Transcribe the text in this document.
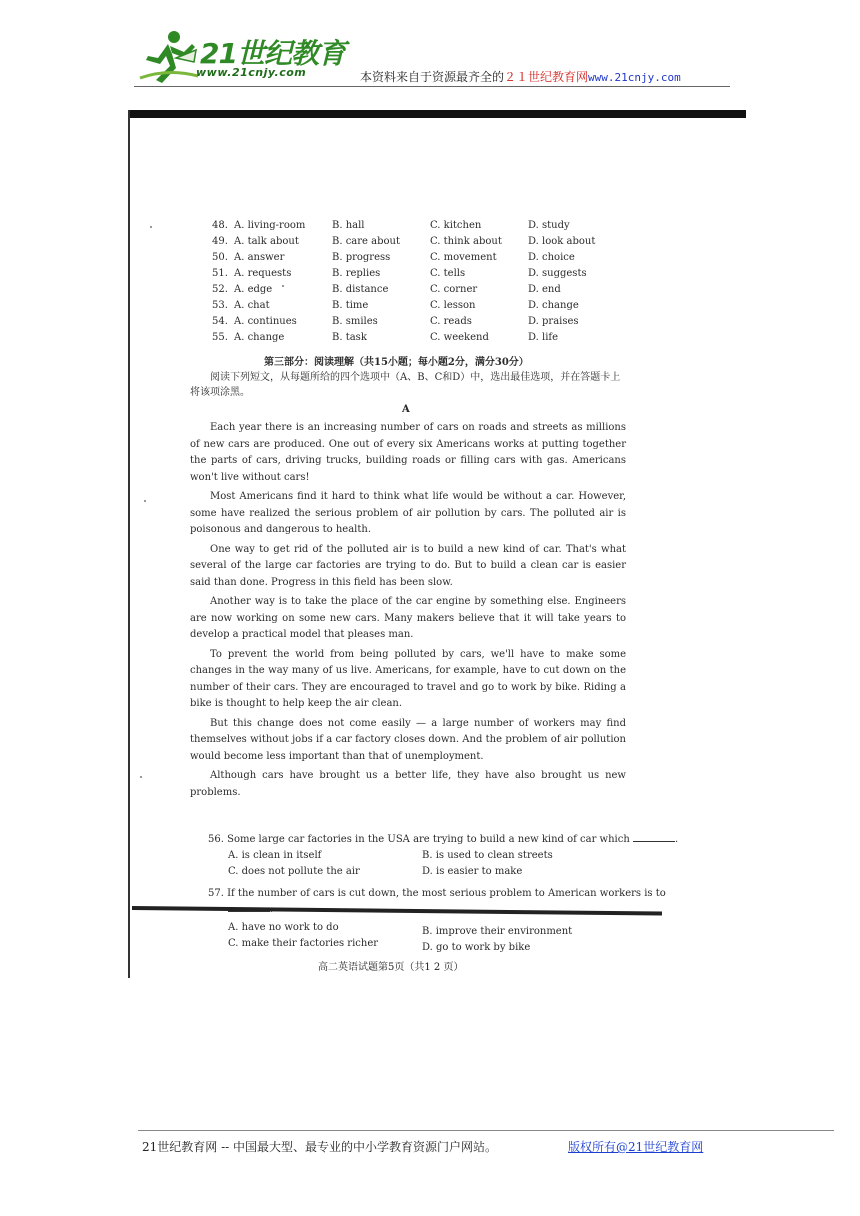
21世纪教育
www.21cnjy.com	本资料来自于资源最齐全的２１世纪教育网www.21cnjy.com
48. A. living-room	B. hall	C. kitchen	D. study
49. A. talk about	B. care about	C. think about	D. look about
50. A. answer	B. progress	C. movement	D. choice
51. A. requests	B. replies	C. tells	D. suggests
52. A. edge	B. distance	C. corner	D. end
53. A. chat	B. time	C. lesson	D. change
54. A. continues	B. smiles	C. reads	D. praises
55. A. change	B. task	C. weekend	D. life
第三部分：阅读理解（共15小题；每小题2分，满分30分）
阅读下列短文，从每题所给的四个选项中（A、B、C和D）中，选出最佳选项，并在答题卡上将该项涂黑。
A

Each year there is an increasing number of cars on roads and streets as millions of new cars are produced. One out of every six Americans works at putting together the parts of cars, driving trucks, building roads or filling cars with gas. Americans won't live without cars!

Most Americans find it hard to think what life would be without a car. However, some have realized the serious problem of air pollution by cars. The polluted air is poisonous and dangerous to health.

One way to get rid of the polluted air is to build a new kind of car. That's what several of the large car factories are trying to do. But to build a clean car is easier said than done. Progress in this field has been slow.

Another way is to take the place of the car engine by something else. Engineers are now working on some new cars. Many makers believe that it will take years to develop a practical model that pleases man.

To prevent the world from being polluted by cars, we'll have to make some changes in the way many of us live. Americans, for example, have to cut down on the number of their cars. They are encouraged to travel and go to work by bike. Riding a bike is thought to help keep the air clean.

But this change does not come easily — a large number of workers may find themselves without jobs if a car factory closes down. And the problem of air pollution would become less important than that of unemployment.

Although cars have brought us a better life, they have also brought us new problems.

56. Some large car factories in the USA are trying to build a new kind of car which	.
A. is clean in itself	B. is used to clean streets
C. does not pollute the air	D. is easier to make
57. If the number of cars is cut down, the most serious problem to American workers is to
.
A. have no work to do	B. improve their environment
C. make their factories richer	D. go to work by bike
高二英语试题第5页（共1 2 页）
21世纪教育网 -- 中国最大型、最专业的中小学教育资源门户网站。	版权所有@21世纪教育网
